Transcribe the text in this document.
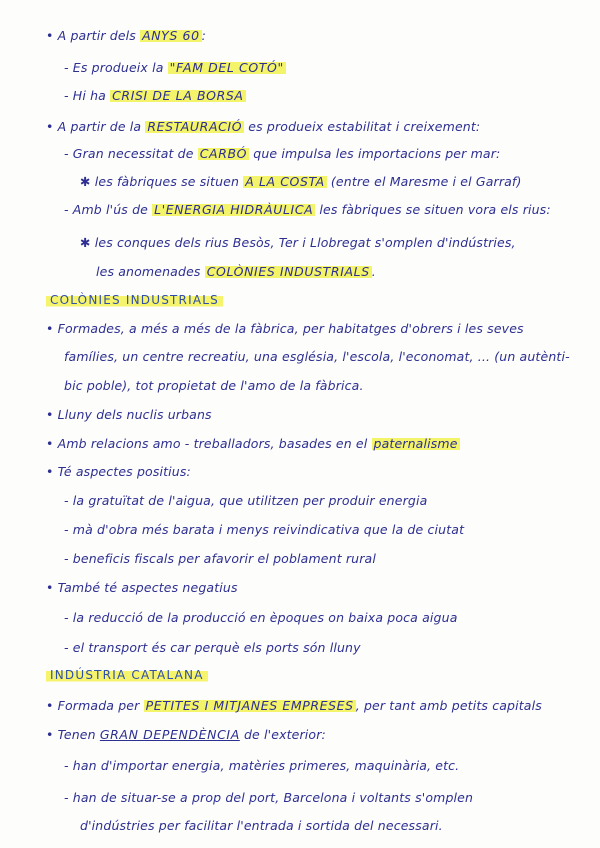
• A partir dels ANYS 60 :
- Es produeix la "FAM DEL COTÓ"
- Hi ha CRISI DE LA BORSA
• A partir de la RESTAURACIÓ es produeix estabilitat i creixement:
- Gran necessitat de CARBÓ que impulsa les importacions per mar:
✱ les fàbriques se situen A LA COSTA (entre el Maresme i el Garraf)
- Amb l'ús de L'ENERGIA HIDRÀULICA les fàbriques se situen vora els rius:
✱ les conques dels rius Besòs, Ter i Llobregat s'omplen d'indústries,
les anomenades COLÒNIES INDUSTRIALS .
COLÒNIES INDUSTRIALS
• Formades, a més a més de la fàbrica, per habitatges d'obrers i les seves
famílies, un centre recreatiu, una església, l'escola, l'economat, ... (un autènti-
bic poble), tot propietat de l'amo de la fàbrica.
• Lluny dels nuclis urbans
• Amb relacions amo - treballadors, basades en el paternalisme
• Té aspectes positius:
- la gratuïtat de l'aigua, que utilitzen per produir energia
- mà d'obra més barata i menys reivindicativa que la de ciutat
- beneficis fiscals per afavorir el poblament rural
• També té aspectes negatius
- la reducció de la producció en èpoques on baixa poca aigua
- el transport és car perquè els ports són lluny
INDÚSTRIA CATALANA
• Formada per PETITES I MITJANES EMPRESES , per tant amb petits capitals
• Tenen GRAN DEPENDÈNCIA de l'exterior:
- han d'importar energia, matèries primeres, maquinària, etc.
- han de situar-se a prop del port, Barcelona i voltants s'omplen
d'indústries per facilitar l'entrada i sortida del necessari.
